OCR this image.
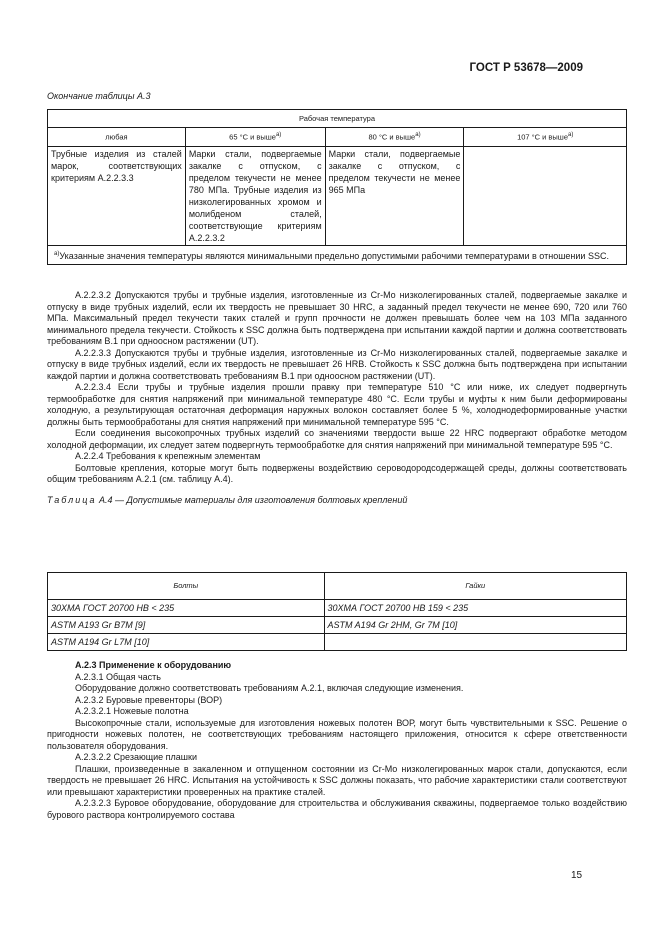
ГОСТ Р 53678—2009
Окончание таблицы А.3
Рабочая температура			
любая	65 °С и выше$^{a)}$	80 °С и выше$^{a)}$	107 °С и выше$^{a)}$
Трубные изделия из сталей марок, соответствующих критериям А.2.2.3.3	Марки стали, подвергаемые закалке с отпуском, с пределом текучести не менее 780 МПа. Трубные изделия из низколегированных хромом и молибденом сталей, соответствующие критериям А.2.2.3.2	Марки стали, подвергаемые закалке с отпуском, с пределом текучести не менее 965 МПа	
$^{a)}$Указанные значения температуры являются минимальными предельно допустимыми рабочими температурами в отношении SSC.			

А.2.2.3.2 Допускаются трубы и трубные изделия, изготовленные из Cr-Mo низколегированных сталей, подвергаемые закалке и отпуску в виде трубных изделий, если их твердость не превышает 30 HRC, а заданный предел текучести не менее 690, 720 или 760 МПа. Максимальный предел текучести таких сталей и групп прочности не должен превышать более чем на 103 МПа заданного минимального предела текучести. Стойкость к SSC должна быть подтверждена при испытании каждой партии и должна соответствовать требованиям В.1 при одноосном растяжении (UT).

А.2.2.3.3 Допускаются трубы и трубные изделия, изготовленные из Cr-Mo низколегированных сталей, подвергаемые закалке и отпуску в виде трубных изделий, если их твердость не превышает 26 HRB. Стойкость к SSC должна быть подтверждена при испытании каждой партии и должна соответствовать требованиям В.1 при одноосном растяжении (UT).

А.2.2.3.4 Если трубы и трубные изделия прошли правку при температуре 510 °С или ниже, их следует подвергнуть термообработке для снятия напряжений при минимальной температуре 480 °С. Если трубы и муфты к ним были деформированы холодную, а результирующая остаточная деформация наружных волокон составляет более 5 %, холоднодеформированные участки должны быть термообработаны для снятия напряжений при минимальной температуре 595 °С.

Если соединения высокопрочных трубных изделий со значениями твердости выше 22 HRC подвергают обработке методом холодной деформации, их следует затем подвергнуть термообработке для снятия напряжений при минимальной температуре 595 °С.

А.2.2.4 Требования к крепежным элементам

Болтовые крепления, которые могут быть подвержены воздействию сероводородсодержащей среды, должны соответствовать общим требованиям А.2.1 (см. таблицу А.4).

Таблица А.4 — Допустимые материалы для изготовления болтовых креплений

Болты	Гайки
30ХМА ГОСТ 20700 НВ < 235	30ХМА ГОСТ 20700 НВ 159 < 235
ASTM A193 Gr B7M [9]	ASTM A194 Gr 2НМ, Gr 7M [10]
ASTM A194 Gr L7M [10]	

А.2.3 Применение к оборудованию

А.2.3.1 Общая часть

Оборудование должно соответствовать требованиям А.2.1, включая следующие изменения.

А.2.3.2 Буровые превенторы (ВОР)

А.2.3.2.1 Ножевые полотна

Высокопрочные стали, используемые для изготовления ножевых полотен ВОР, могут быть чувствительными к SSC. Решение о пригодности ножевых полотен, не соответствующих требованиям настоящего приложения, относится к сфере ответственности пользователя оборудования.

А.2.3.2.2 Срезающие плашки

Плашки, произведенные в закаленном и отпущенном состоянии из Cr-Mo низколегированных марок стали, допускаются, если твердость не превышает 26 HRC. Испытания на устойчивость к SSC должны показать, что рабочие характеристики стали соответствуют или превышают характеристики проверенных на практике сталей.

А.2.3.2.3 Буровое оборудование, оборудование для строительства и обслуживания скважины, подвергаемое только воздействию бурового раствора контролируемого состава

15
